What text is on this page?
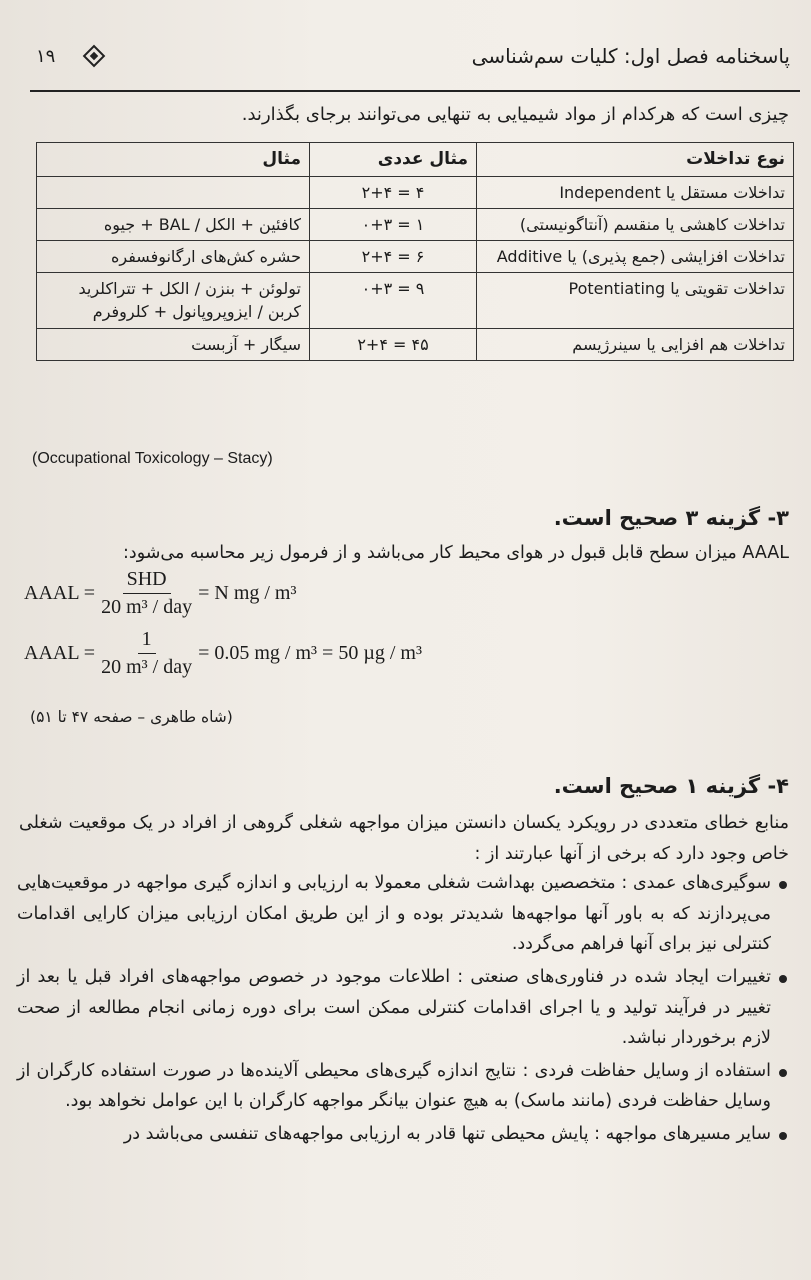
۱۹	پاسخنامه فصل اول: کلیات سم‌شناسی
چیزی است که هرکدام از مواد شیمیایی به تنهایی می‌توانند برجای بگذارند.
نوع تداخلات	مثال عددی	مثال
تداخلات مستقل یا Independent	۴ = ۲+۴	
تداخلات کاهشی یا منقسم (آنتاگونیستی)	۱ = ۰+۳	کافئین + الکل / BAL + جیوه
تداخلات افزایشی (جمع پذیری) یا Additive	۶ = ۲+۴	حشره کش‌های ارگانوفسفره
تداخلات تقویتی یا Potentiating	۹ = ۰+۳	تولوئن + بنزن / الکل + تتراکلرید کربن / ایزوپروپانول + کلروفرم
تداخلات هم افزایی یا سینرژیسم	۴۵ = ۲+۴	سیگار + آزبست
(Occupational Toxicology – Stacy)
۳- گزینه ۳ صحیح است.
AAAL میزان سطح قابل قبول در هوای محیط کار می‌باشد و از فرمول زیر محاسبه می‌شود:
AAAL = $\frac{\text{SHD}}{\text{20 m³ / day}} = N$ mg / m³
AAAL = $\frac{1}{\text{20 m³ / day}} = 0.05$ mg / m³ = 50 µg / m³
(شاه طاهری – صفحه ۴۷ تا ۵۱)
۴- گزینه ۱ صحیح است.
منابع خطای متعددی در رویکرد یکسان دانستن میزان مواجهه شغلی گروهی از افراد در یک موقعیت شغلی خاص وجود دارد که برخی از آنها عبارتند از :
سوگیری‌های عمدی : متخصصین بهداشت شغلی معمولا به ارزیابی و اندازه گیری مواجهه در موقعیت‌هایی می‌پردازند که به باور آنها مواجهه‌ها شدیدتر بوده و از این طریق امکان ارزیابی میزان کارایی اقدامات کنترلی نیز برای آنها فراهم می‌گردد.
تغییرات ایجاد شده در فناوری‌های صنعتی : اطلاعات موجود در خصوص مواجهه‌های افراد قبل یا بعد از تغییر در فرآیند تولید و یا اجرای اقدامات کنترلی ممکن است برای دوره زمانی انجام مطالعه از صحت لازم برخوردار نباشد.
استفاده از وسایل حفاظت فردی : نتایج اندازه گیری‌های محیطی آلاینده‌ها در صورت استفاده کارگران از وسایل حفاظت فردی (مانند ماسک) به هیچ عنوان بیانگر مواجهه کارگران با این عوامل نخواهد بود.
سایر مسیرهای مواجهه : پایش محیطی تنها قادر به ارزیابی مواجهه‌های تنفسی می‌باشد در
